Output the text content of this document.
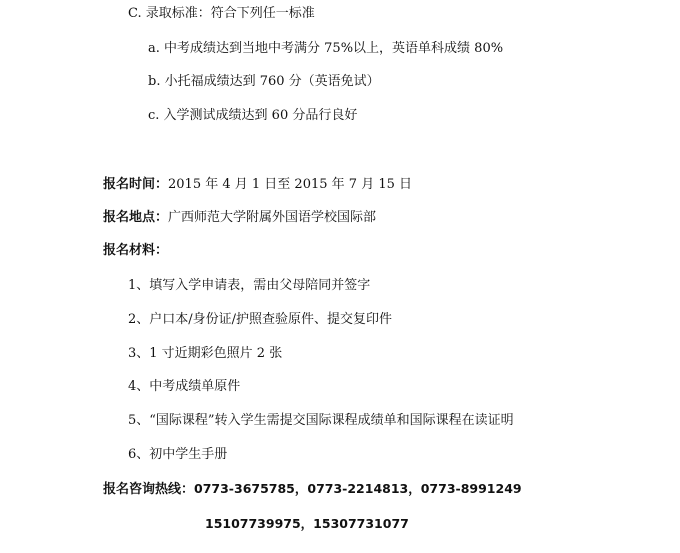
C. 录取标准：符合下列任一标准
a. 中考成绩达到当地中考满分 75%以上，英语单科成绩 80%
b. 小托福成绩达到 760 分（英语免试）
c. 入学测试成绩达到 60 分品行良好
报名时间：2015 年 4 月 1 日至 2015 年 7 月 15 日
报名地点：广西师范大学附属外国语学校国际部
报名材料：
1、填写入学申请表，需由父母陪同并签字
2、户口本/身份证/护照查验原件、提交复印件
3、1 寸近期彩色照片 2 张
4、中考成绩单原件
5、“国际课程”转入学生需提交国际课程成绩单和国际课程在读证明
6、初中学生手册
报名咨询热线：0773-3675785，0773-2214813，0773-8991249
15107739975，15307731077
